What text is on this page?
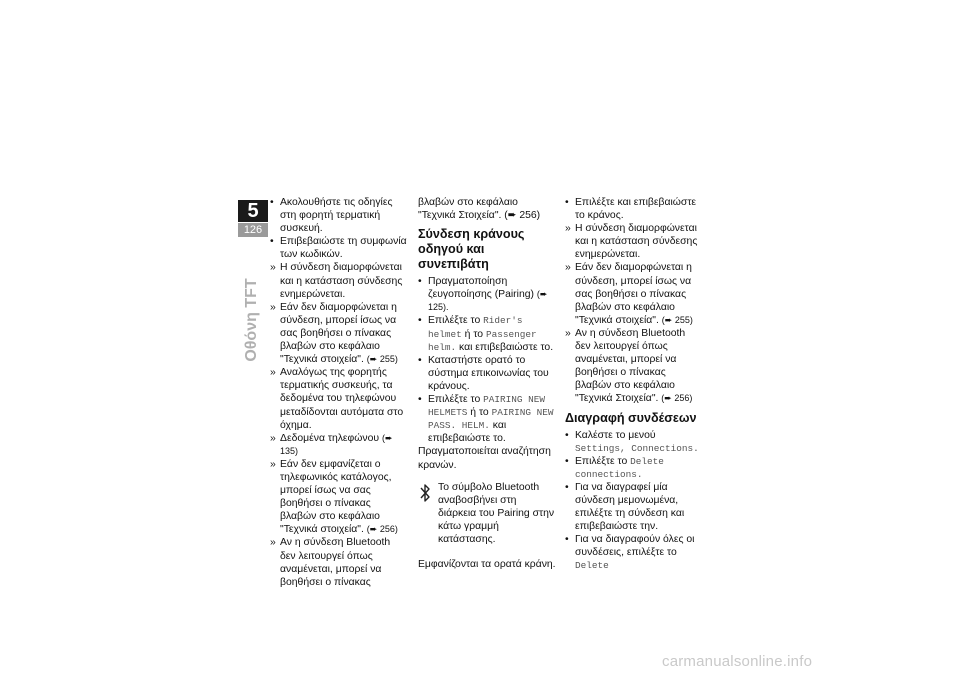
5
126
Οθόνη TFT
• Ακολουθήστε τις οδηγίες στη φορητή τερματική συσκευή.
• Επιβεβαιώστε τη συμφωνία των κωδικών.
» Η σύνδεση διαμορφώνεται και η κατάσταση σύνδεσης ενημερώνεται.
» Εάν δεν διαμορφώνεται η σύνδεση, μπορεί ίσως να σας βοηθήσει ο πίνακας βλαβών στο κεφάλαιο "Τεχνικά στοιχεία". (➨ 255)
» Αναλόγως της φορητής τερματικής συσκευής, τα δεδομένα του τηλεφώνου μεταδίδονται αυτόματα στο όχημα.
» Δεδομένα τηλεφώνου (➨ 135)
» Εάν δεν εμφανίζεται ο τηλεφωνικός κατάλογος, μπορεί ίσως να σας βοηθήσει ο πίνακας βλαβών στο κεφάλαιο "Τεχνικά στοιχεία". (➨ 256)
» Αν η σύνδεση Bluetooth δεν λειτουργεί όπως αναμένεται, μπορεί να βοηθήσει ο πίνακας

βλαβών στο κεφάλαιο "Τεχνικά Στοιχεία". (➨ 256)

Σύνδεση κράνους οδηγού και συνεπιβάτη
• Πραγματοποίηση ζευγοποίησης (Pairing) (➨ 125).
• Επιλέξτε το Rider's helmet ή το Passenger helm. και επιβεβαιώστε το.
• Καταστήστε ορατό το σύστημα επικοινωνίας του κράνους.
• Επιλέξτε το PAIRING NEW HELMETS ή το PAIRING NEW PASS. HELM. και επιβεβαιώστε το.

Πραγματοποιείται αναζήτηση κρανών.

Το σύμβολο Bluetooth αναβοσβήνει στη διάρκεια του Pairing στην κάτω γραμμή κατάστασης.

Εμφανίζονται τα ορατά κράνη.

• Επιλέξτε και επιβεβαιώστε το κράνος.
» Η σύνδεση διαμορφώνεται και η κατάσταση σύνδεσης ενημερώνεται.
» Εάν δεν διαμορφώνεται η σύνδεση, μπορεί ίσως να σας βοηθήσει ο πίνακας βλαβών στο κεφάλαιο "Τεχνικά στοιχεία". (➨ 255)
» Αν η σύνδεση Bluetooth δεν λειτουργεί όπως αναμένεται, μπορεί να βοηθήσει ο πίνακας βλαβών στο κεφάλαιο "Τεχνικά Στοιχεία". (➨ 256)
Διαγραφή συνδέσεων
• Καλέστε το μενού Settings, Connections.
• Επιλέξτε το Delete connections.
• Για να διαγραφεί μία σύνδεση μεμονωμένα, επιλέξτε τη σύνδεση και επιβεβαιώστε την.
• Για να διαγραφούν όλες οι συνδέσεις, επιλέξτε το Delete
carmanualsonline.info
